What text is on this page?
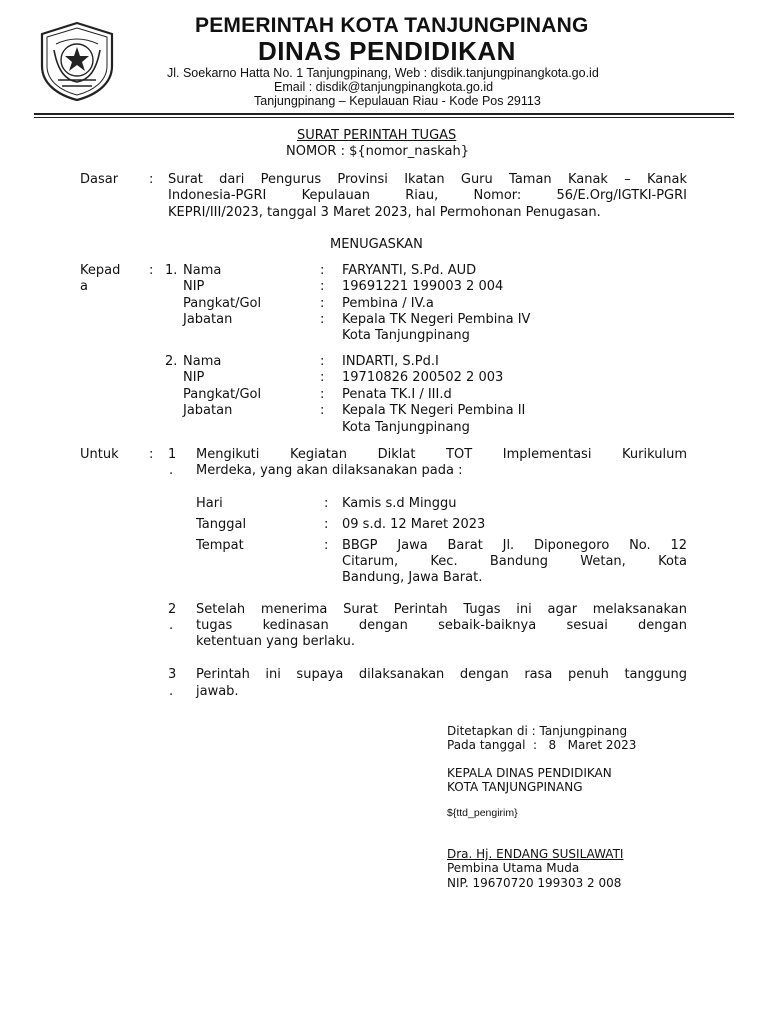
PEMERINTAH KOTA TANJUNGPINANG
DINAS PENDIDIKAN
Jl. Soekarno Hatta No. 1 Tanjungpinang, Web : disdik.tanjungpinangkota.go.id
Email : disdik@tanjungpinangkota.go.id
Tanjungpinang – Kepulauan Riau - Kode Pos 29113
SURAT PERINTAH TUGAS
NOMOR : ${nomor_naskah}
Dasar : Surat dari Pengurus Provinsi Ikatan Guru Taman Kanak – Kanak
Indonesia-PGRI Kepulauan Riau, Nomor: 56/E.Org/IGTKI-PGRI
KEPRI/III/2023, tanggal 3 Maret 2023, hal Permohonan Penugasan.
MENUGASKAN
Kepad
a
: 1. Nama	: FARYANTI, S.Pd. AUD
NIP	: 19691221 199003 2 004
Pangkat/Gol	: Pembina / IV.a
Jabatan	: Kepala TK Negeri Pembina IV
Kota Tanjungpinang
2. Nama	: INDARTI, S.Pd.I
NIP	: 19710826 200502 2 003
Pangkat/Gol	: Penata TK.I / III.d
Jabatan	: Kepala TK Negeri Pembina II
Kota Tanjungpinang
Untuk : 1
.
Mengikuti Kegiatan Diklat TOT Implementasi Kurikulum
Merdeka, yang akan dilaksanakan pada :
Hari	: Kamis s.d Minggu
Tanggal	: 09 s.d. 12 Maret 2023
Tempat	: BBGP Jawa Barat Jl. Diponegoro No. 12
Citarum, Kec. Bandung Wetan, Kota
Bandung, Jawa Barat.
2
.
Setelah menerima Surat Perintah Tugas ini agar melaksanakan
tugas kedinasan dengan sebaik-baiknya sesuai dengan
ketentuan yang berlaku.
3
.
Perintah ini supaya dilaksanakan dengan rasa penuh tanggung
jawab.
Ditetapkan di : Tanjungpinang
Pada tanggal  :   8   Maret 2023
KEPALA DINAS PENDIDIKAN
KOTA TANJUNGPINANG
${ttd_pengirim}
Dra. Hj. ENDANG SUSILAWATI
Pembina Utama Muda
NIP. 19670720 199303 2 008
